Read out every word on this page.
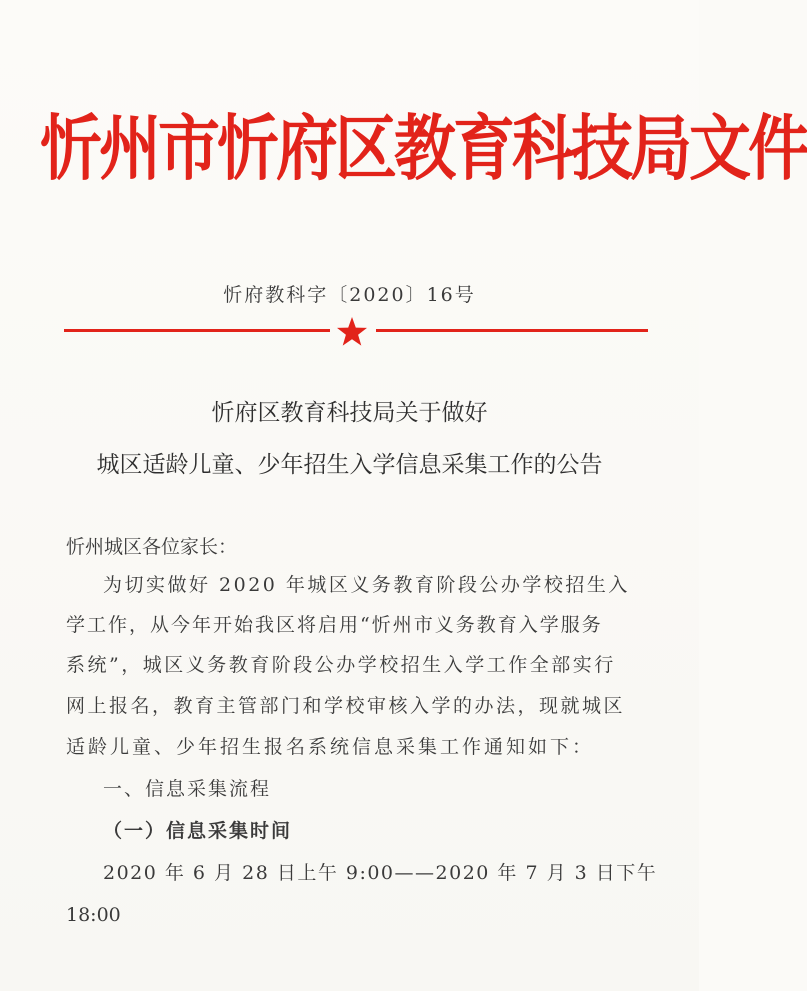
忻州市忻府区教育科技局文件
忻府教科字〔2020〕16号
忻府区教育科技局关于做好
城区适龄儿童、少年招生入学信息采集工作的公告
忻州城区各位家长：
为切实做好 2020 年城区义务教育阶段公办学校招生入
学工作，从今年开始我区将启用“忻州市义务教育入学服务
系统”，城区义务教育阶段公办学校招生入学工作全部实行
网上报名，教育主管部门和学校审核入学的办法，现就城区
适龄儿童、少年招生报名系统信息采集工作通知如下：
一、信息采集流程
（一）信息采集时间
2020 年 6 月 28 日上午 9:00——2020 年 7 月 3 日下午
18:00
